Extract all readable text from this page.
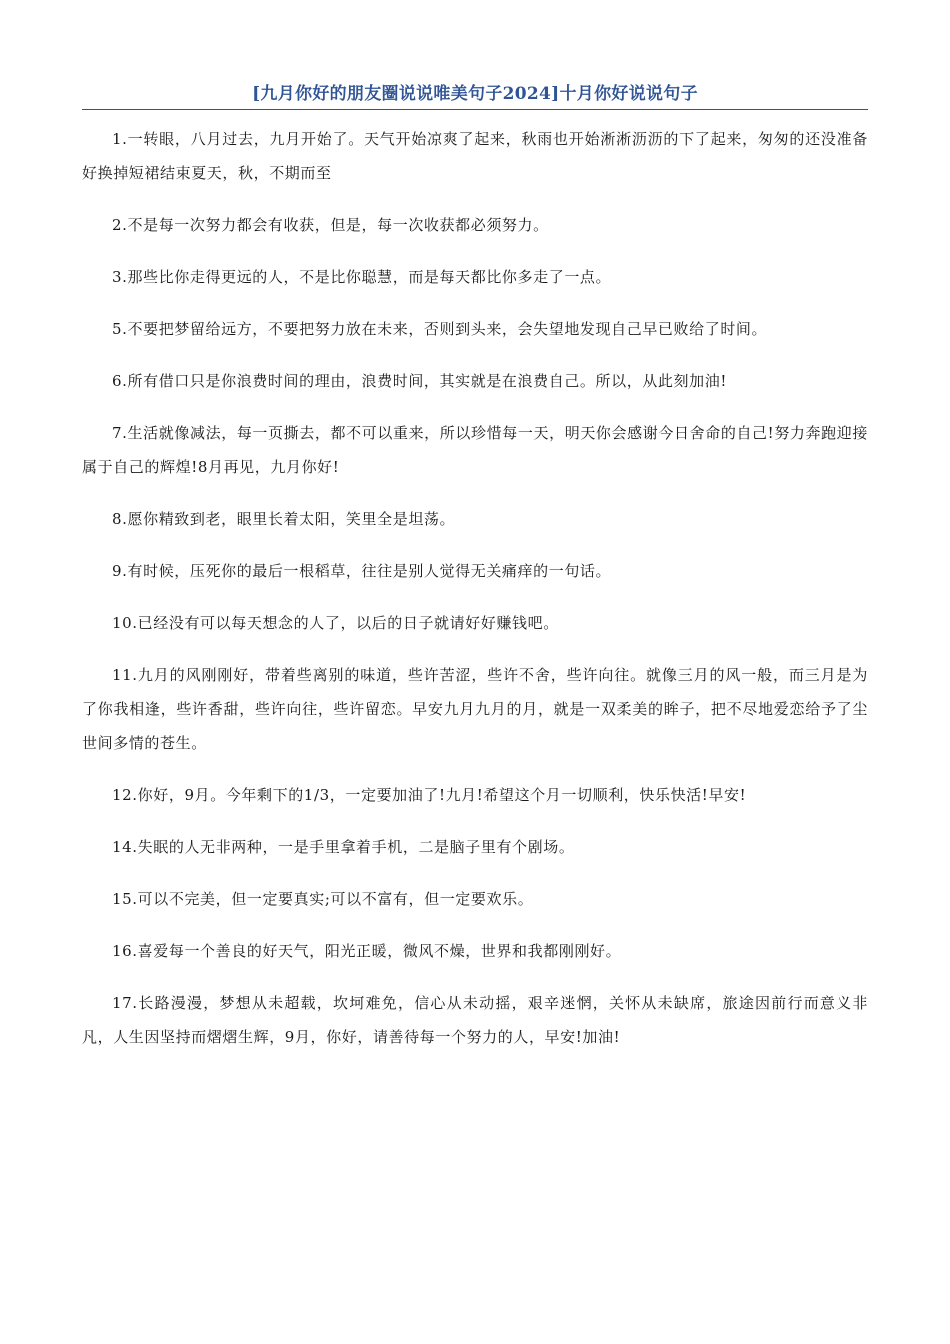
[九月你好的朋友圈说说唯美句子2024]十月你好说说句子

1.一转眼，八月过去，九月开始了。天气开始凉爽了起来，秋雨也开始淅淅沥沥的下了起来，匆匆的还没准备好换掉短裙结束夏天，秋，不期而至

2.不是每一次努力都会有收获，但是，每一次收获都必须努力。

3.那些比你走得更远的人，不是比你聪慧，而是每天都比你多走了一点。

5.不要把梦留给远方，不要把努力放在未来，否则到头来，会失望地发现自己早已败给了时间。

6.所有借口只是你浪费时间的理由，浪费时间，其实就是在浪费自己。所以，从此刻加油!

7.生活就像减法，每一页撕去，都不可以重来，所以珍惜每一天，明天你会感谢今日舍命的自己!努力奔跑迎接属于自己的辉煌!8月再见，九月你好!

8.愿你精致到老，眼里长着太阳，笑里全是坦荡。

9.有时候，压死你的最后一根稻草，往往是别人觉得无关痛痒的一句话。

10.已经没有可以每天想念的人了，以后的日子就请好好赚钱吧。

11.九月的风刚刚好，带着些离别的味道，些许苦涩，些许不舍，些许向往。就像三月的风一般，而三月是为了你我相逢，些许香甜，些许向往，些许留恋。早安九月九月的月，就是一双柔美的眸子，把不尽地爱恋给予了尘世间多情的苍生。

12.你好，9月。今年剩下的1/3，一定要加油了!九月!希望这个月一切顺利，快乐快活!早安!

14.失眠的人无非两种，一是手里拿着手机，二是脑子里有个剧场。

15.可以不完美，但一定要真实;可以不富有，但一定要欢乐。

16.喜爱每一个善良的好天气，阳光正暖，微风不燥，世界和我都刚刚好。

17.长路漫漫，梦想从未超载，坎坷难免，信心从未动摇，艰辛迷惘，关怀从未缺席，旅途因前行而意义非凡，人生因坚持而熠熠生辉，9月，你好，请善待每一个努力的人，早安!加油!
